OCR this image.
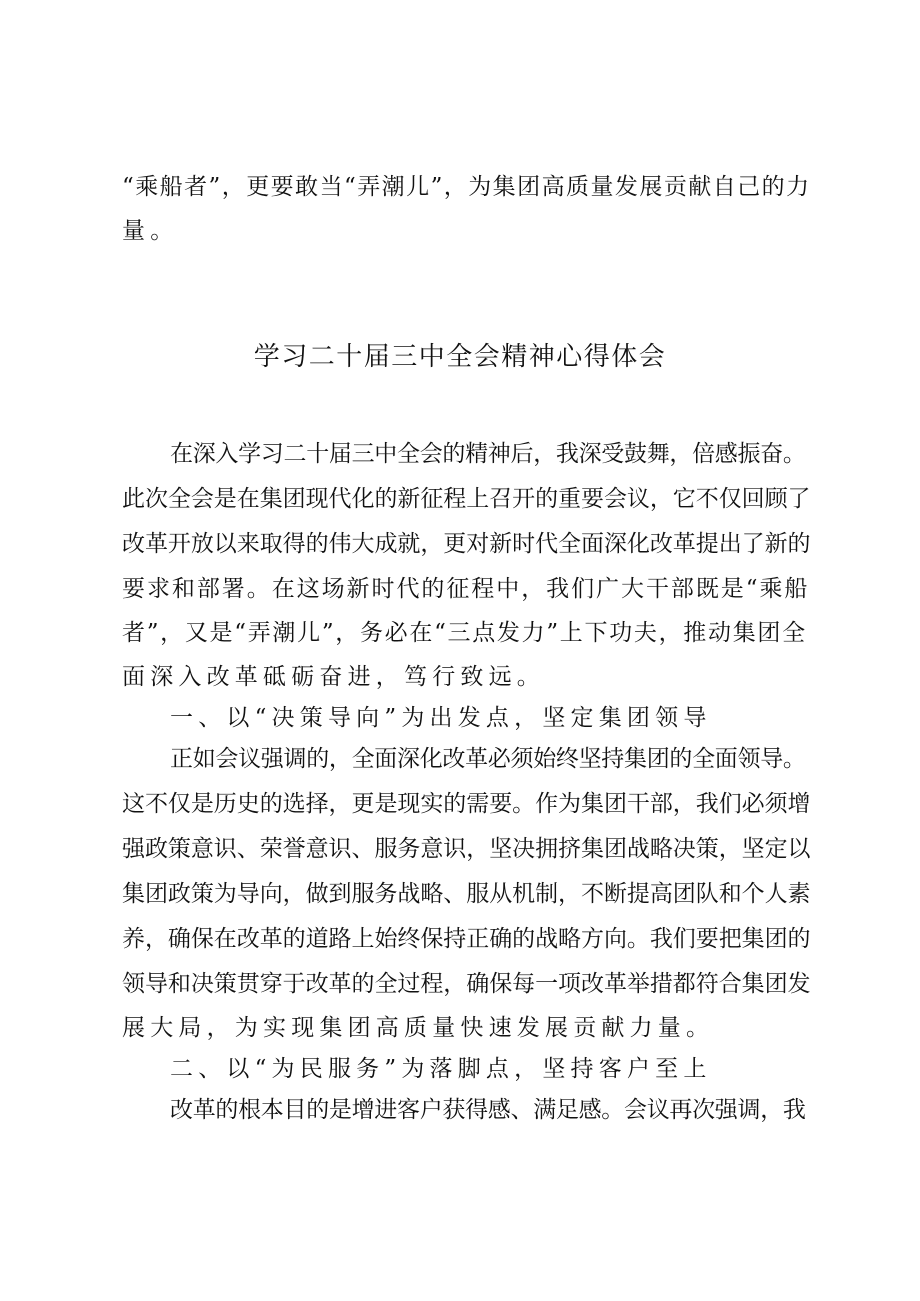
“乘船者”，更要敢当“弄潮儿”，为集团高质量发展贡献自己的力
量。
学习二十届三中全会精神心得体会
在深入学习二十届三中全会的精神后，我深受鼓舞，倍感振奋。
此次全会是在集团现代化的新征程上召开的重要会议，它不仅回顾了
改革开放以来取得的伟大成就，更对新时代全面深化改革提出了新的
要求和部署。在这场新时代的征程中，我们广大干部既是“乘船
者”，又是“弄潮儿”，务必在“三点发力”上下功夫，推动集团全
面深入改革砥砺奋进，笃行致远。
一、以“决策导向”为出发点，坚定集团领导
正如会议强调的，全面深化改革必须始终坚持集团的全面领导。
这不仅是历史的选择，更是现实的需要。作为集团干部，我们必须增
强政策意识、荣誉意识、服务意识，坚决拥挤集团战略决策，坚定以
集团政策为导向，做到服务战略、服从机制，不断提高团队和个人素
养，确保在改革的道路上始终保持正确的战略方向。我们要把集团的
领导和决策贯穿于改革的全过程，确保每一项改革举措都符合集团发
展大局，为实现集团高质量快速发展贡献力量。
二、以“为民服务”为落脚点，坚持客户至上
改革的根本目的是增进客户获得感、满足感。会议再次强调，我
